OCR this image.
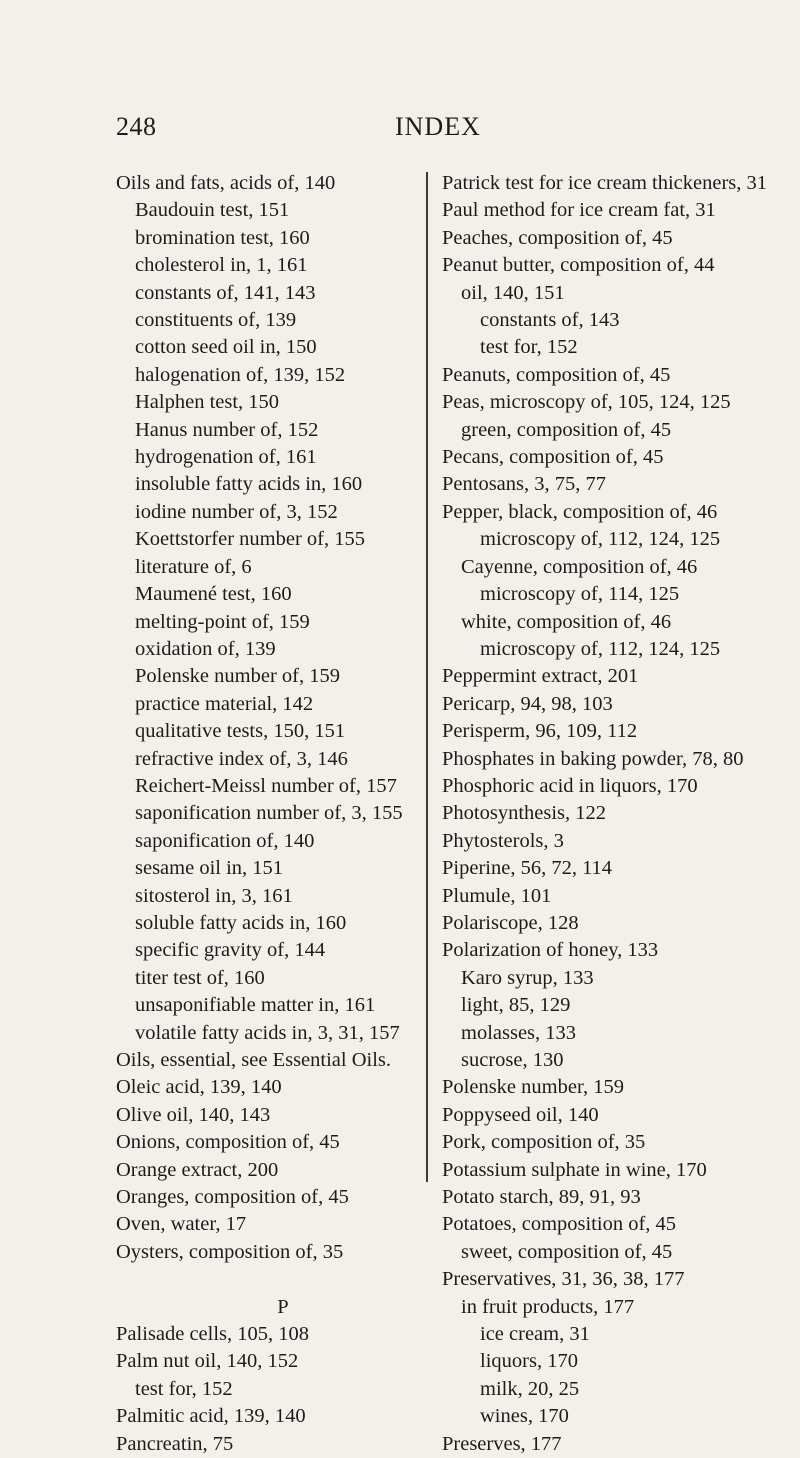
248	INDEX
Oils and fats, acids of, 140
Baudouin test, 151
bromination test, 160
cholesterol in, 1, 161
constants of, 141, 143
constituents of, 139
cotton seed oil in, 150
halogenation of, 139, 152
Halphen test, 150
Hanus number of, 152
hydrogenation of, 161
insoluble fatty acids in, 160
iodine number of, 3, 152
Koettstorfer number of, 155
literature of, 6
Maumené test, 160
melting-point of, 159
oxidation of, 139
Polenske number of, 159
practice material, 142
qualitative tests, 150, 151
refractive index of, 3, 146
Reichert-Meissl number of, 157
saponification number of, 3, 155
saponification of, 140
sesame oil in, 151
sitosterol in, 3, 161
soluble fatty acids in, 160
specific gravity of, 144
titer test of, 160
unsaponifiable matter in, 161
volatile fatty acids in, 3, 31, 157
Oils, essential, see Essential Oils.
Oleic acid, 139, 140
Olive oil, 140, 143
Onions, composition of, 45
Orange extract, 200
Oranges, composition of, 45
Oven, water, 17
Oysters, composition of, 35

P
Palisade cells, 105, 108
Palm nut oil, 140, 152
test for, 152
Palmitic acid, 139, 140
Pancreatin, 75
Patrick test for ice cream thickeners, 31
Paul method for ice cream fat, 31
Peaches, composition of, 45
Peanut butter, composition of, 44
oil, 140, 151
constants of, 143
test for, 152
Peanuts, composition of, 45
Peas, microscopy of, 105, 124, 125
green, composition of, 45
Pecans, composition of, 45
Pentosans, 3, 75, 77
Pepper, black, composition of, 46
microscopy of, 112, 124, 125
Cayenne, composition of, 46
microscopy of, 114, 125
white, composition of, 46
microscopy of, 112, 124, 125
Peppermint extract, 201
Pericarp, 94, 98, 103
Perisperm, 96, 109, 112
Phosphates in baking powder, 78, 80
Phosphoric acid in liquors, 170
Photosynthesis, 122
Phytosterols, 3
Piperine, 56, 72, 114
Plumule, 101
Polariscope, 128
Polarization of honey, 133
Karo syrup, 133
light, 85, 129
molasses, 133
sucrose, 130
Polenske number, 159
Poppyseed oil, 140
Pork, composition of, 35
Potassium sulphate in wine, 170
Potato starch, 89, 91, 93
Potatoes, composition of, 45
sweet, composition of, 45
Preservatives, 31, 36, 38, 177
in fruit products, 177
ice cream, 31
liquors, 170
milk, 20, 25
wines, 170
Preserves, 177
